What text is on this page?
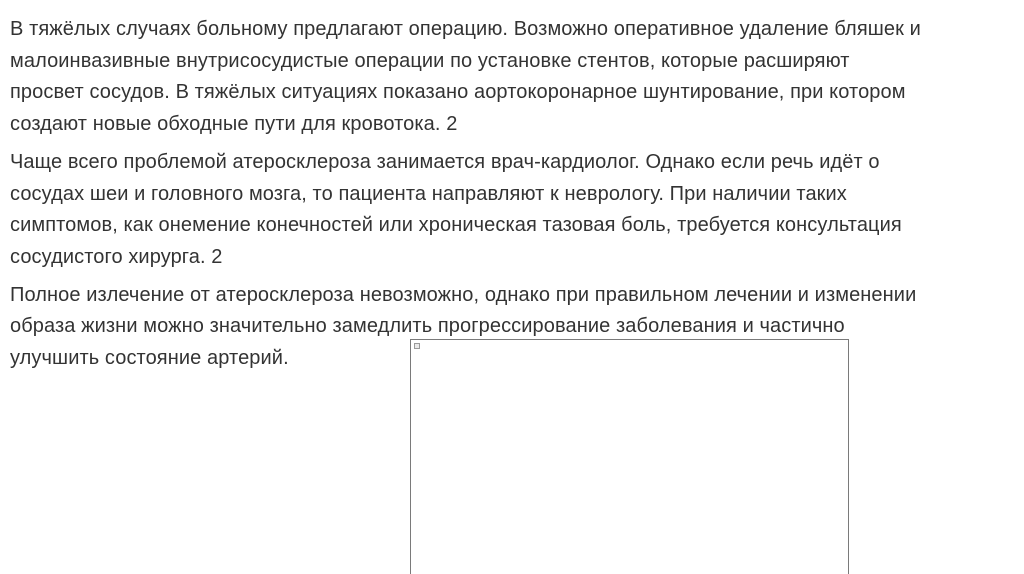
В тяжёлых случаях больному предлагают операцию. Возможно оперативное удаление бляшек и
малоинвазивные внутрисосудистые операции по установке стентов, которые расширяют
просвет сосудов. В тяжёлых ситуациях показано аортокоронарное шунтирование, при котором
создают новые обходные пути для кровотока. 2

Чаще всего проблемой атеросклероза занимается врач-кардиолог. Однако если речь идёт о
сосудах шеи и головного мозга, то пациента направляют к неврологу. При наличии таких
симптомов, как онемение конечностей или хроническая тазовая боль, требуется консультация
сосудистого хирурга. 2

Полное излечение от атеросклероза невозможно, однако при правильном лечении и изменении
образа жизни можно значительно замедлить прогрессирование заболевания и частично
улучшить состояние артерий.
